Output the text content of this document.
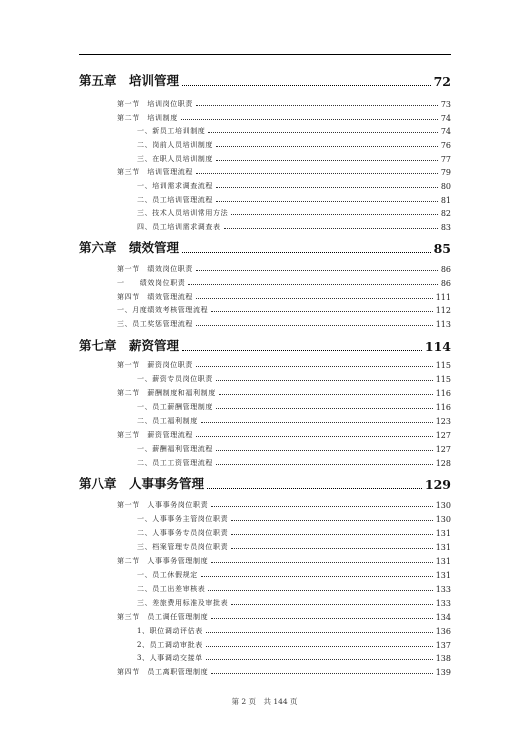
第五章　培训管理	72
第一节　培训岗位职责	73
第二节　培训制度	74
一、新员工培训制度	74
二、岗前人员培训制度	76
三、在职人员培训制度	77
第三节　培训管理流程	79
一、培训需求调查流程	80
二、员工培训管理流程	81
三、技术人员培训常用方法	82
四、员工培训需求调查表	83
第六章　绩效管理	85
第一节　绩效岗位职责	86
一　　绩效岗位职责	86
第四节　绩效管理流程	111
一、月度绩效考核管理流程	112
三、员工奖惩管理流程	113
第七章　薪资管理	114
第一节　薪资岗位职责	115
一、薪资专员岗位职责	115
第二节　薪酬制度和福利制度	116
一、员工薪酬管理制度	116
二、员工福利制度	123
第三节　薪资管理流程	127
一、薪酬福利管理流程	127
二、员工工资管理流程	128
第八章　人事事务管理	129
第一节　人事事务岗位职责	130
一、人事事务主管岗位职责	130
二、人事事务专员岗位职责	131
三、档案管理专员岗位职责	131
第二节　人事事务管理制度	131
一、员工休假规定	131
二、员工出差审核表	133
三、差旅费用标准及审批表	133
第三节　员工调任管理制度	134
1、职位调动评估表	136
2、员工调动审批表	137
3、人事调动交接单	138
第四节　员工离职管理制度	139
第 2 页　共 144 页
